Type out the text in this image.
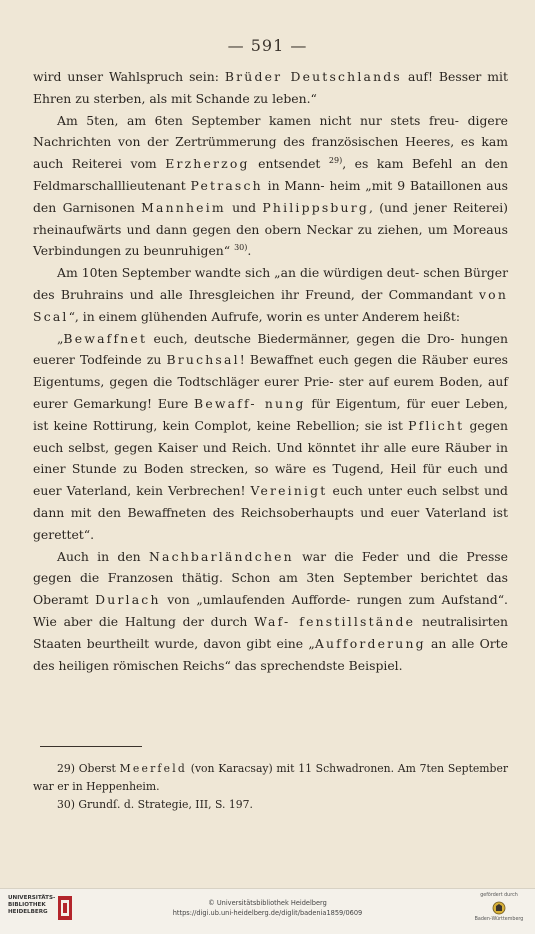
— 591 —

wird unser Wahlspruch sein: Brüder Deutschlands auf! Besser mit Ehren zu sterben, als mit Schande zu leben.“

Am 5ten, am 6ten September kamen nicht nur stets freu- digere Nachrichten von der Zertrümmerung des französischen Heeres, es kam auch Reiterei vom Erzherzog entsendet $^{29)}$, es kam Befehl an den Feldmarschalllieutenant Petrasch in Mann- heim „mit 9 Bataillonen aus den Garnisonen Mannheim und Philippsburg, (und jener Reiterei) rheinaufwärts und dann gegen den obern Neckar zu ziehen, um Moreaus Verbindungen zu beunruhigen“ $^{30)}$.

Am 10ten September wandte sich „an die würdigen deut- schen Bürger des Bruhrains und alle Ihresgleichen ihr Freund, der Commandant von Scal“, in einem glühenden Aufrufe, worin es unter Anderem heißt:

„Bewaffnet euch, deutsche Biedermänner, gegen die Dro- hungen euerer Todfeinde zu Bruchsal! Bewaffnet euch gegen die Räuber eures Eigentums, gegen die Todtschläger eurer Prie- ster auf eurem Boden, auf eurer Gemarkung! Eure Bewaff- nung für Eigentum, für euer Leben, ist keine Rottirung, kein Complot, keine Rebellion; sie ist Pflicht gegen euch selbst, gegen Kaiser und Reich. Und könntet ihr alle eure Räuber in einer Stunde zu Boden strecken, so wäre es Tugend, Heil für euch und euer Vaterland, kein Verbrechen! Vereinigt euch unter euch selbst und dann mit den Bewaffneten des Reichsoberhaupts und euer Vaterland ist gerettet“.

Auch in den Nachbarländchen war die Feder und die Presse gegen die Franzosen thätig. Schon am 3ten September berichtet das Oberamt Durlach von „umlaufenden Aufforde- rungen zum Aufstand“. Wie aber die Haltung der durch Waf- fenstillstände neutralisirten Staaten beurtheilt wurde, davon gibt eine „Aufforderung an alle Orte des heiligen römischen Reichs“ das sprechendste Beispiel.

29) Oberst Meerfeld (von Karacsay) mit 11 Schwadronen. Am 7ten September war er in Heppenheim.

30) Grundſ. d. Strategie, III, S. 197.

UNIVERSITÄTS-
BIBLIOTHEK
HEIDELBERG
© Universitätsbibliothek Heidelberg
https://digi.ub.uni-heidelberg.de/diglit/badenia1859/0609
gefördert durch
Baden-Württemberg
